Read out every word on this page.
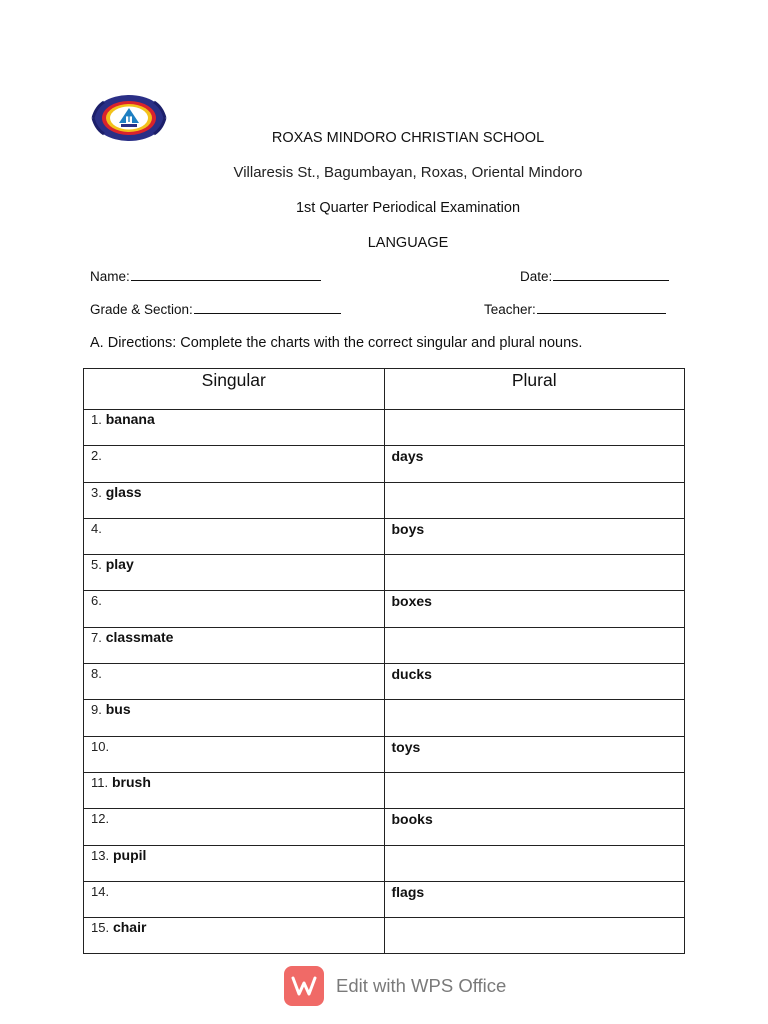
ROXAS MINDORO CHRISTIAN SCHOOL
Villaresis St., Bagumbayan, Roxas, Oriental Mindoro
1st Quarter Periodical Examination
LANGUAGE
Name:	Date:
Grade & Section:	Teacher:
A. Directions: Complete the charts with the correct singular and plural nouns.
Singular	Plural
1. banana	
2.	days
3. glass	
4.	boys
5. play	
6.	boxes
7. classmate	
8.	ducks
9. bus	
10.	toys
11. brush	
12.	books
13. pupil	
14.	flags
15. chair	
Edit with WPS Office
